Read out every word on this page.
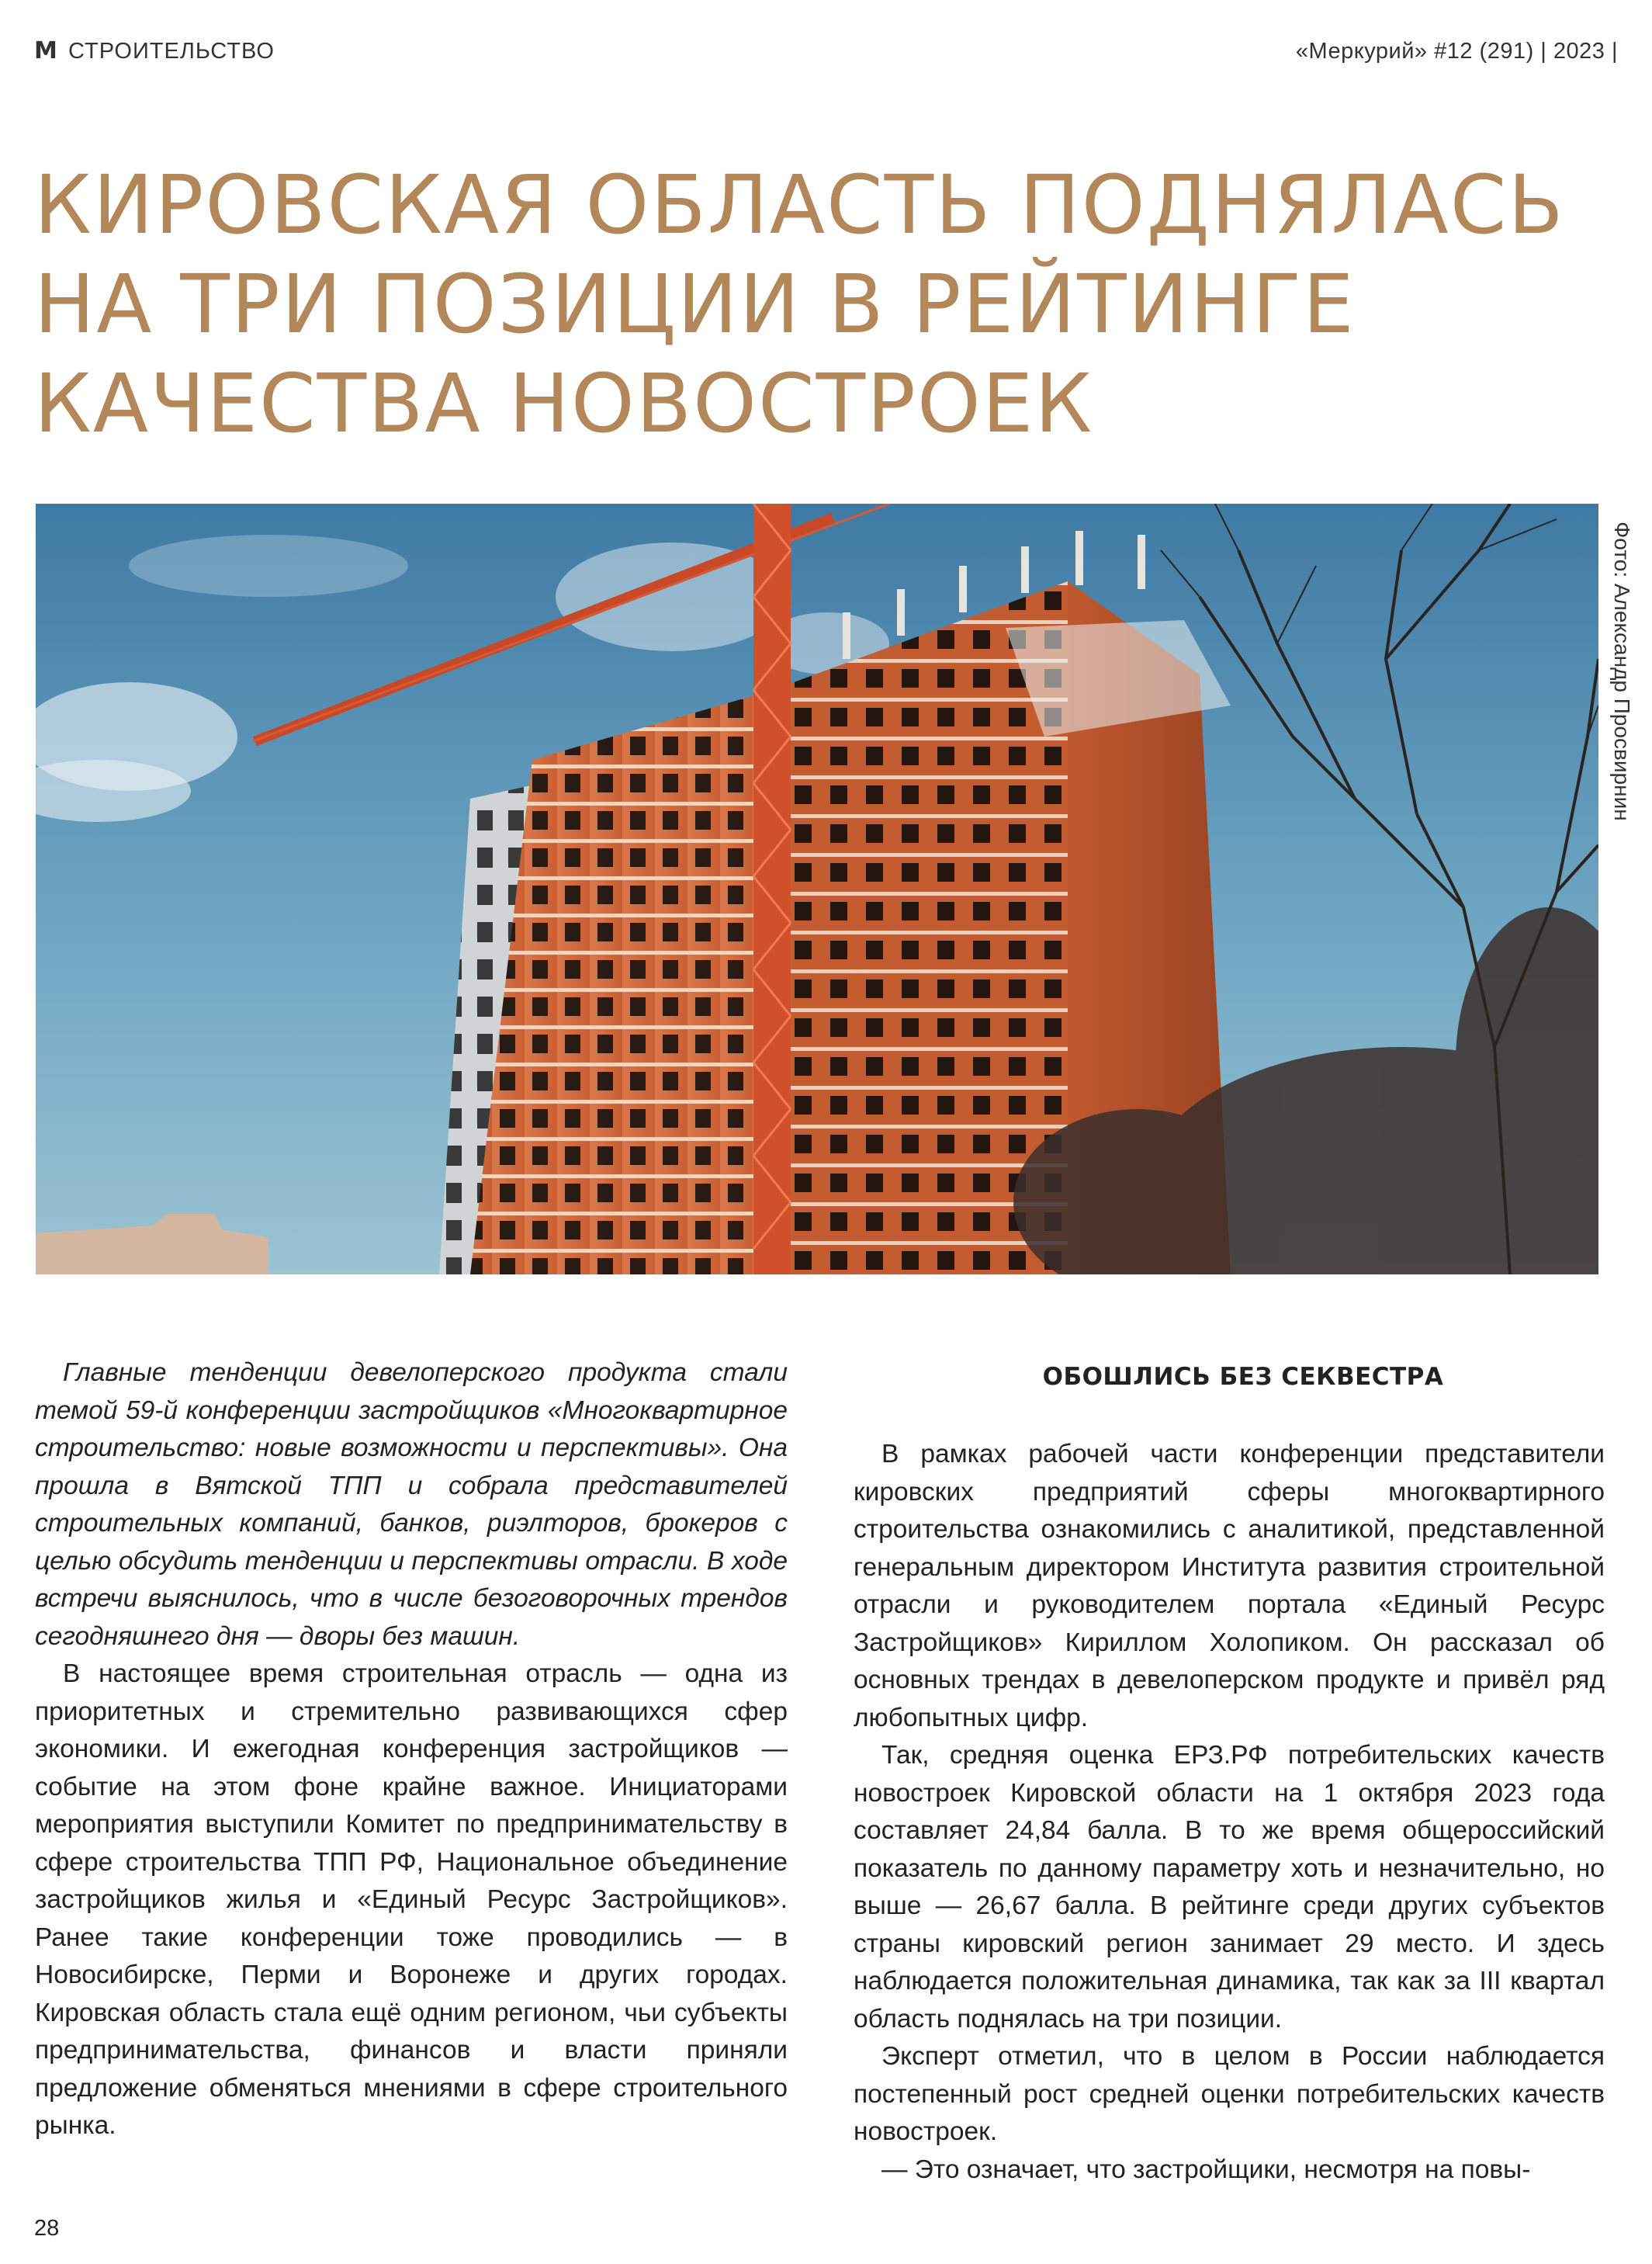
M СТРОИТЕЛЬСТВО	«Меркурий» #12 (291) | 2023 |
КИРОВСКАЯ ОБЛАСТЬ ПОДНЯЛАСЬ
НА ТРИ ПОЗИЦИИ В РЕЙТИНГЕ
КАЧЕСТВА НОВОСТРОЕК
Фото: Александр Просвирнин

Главные тенденции девелоперского продукта стали темой 59-й конференции застройщиков «Многоквартирное строительство: новые возможности и перспективы». Она прошла в Вятской ТПП и собрала представителей строительных компаний, банков, риэлторов, брокеров с целью обсудить тенденции и перспективы отрасли. В ходе встречи выяснилось, что в числе безоговорочных трендов сегодняшнего дня — дворы без машин.

В настоящее время строительная отрасль — одна из приоритетных и стремительно развивающихся сфер экономики. И ежегодная конференция застройщиков — событие на этом фоне крайне важное. Инициаторами мероприятия выступили Комитет по предпринимательству в сфере строительства ТПП РФ, Национальное объединение застройщиков жилья и «Единый Ресурс Застройщиков». Ранее такие конференции тоже проводились — в Новосибирске, Перми и Воронеже и других городах. Кировская область стала ещё одним регионом, чьи субъекты предпринимательства, финансов и власти приняли предложение обменяться мнениями в сфере строительного рынка.

ОБОШЛИСЬ БЕЗ СЕКВЕСТРА

В рамках рабочей части конференции представители кировских предприятий сферы многоквартирного строительства ознакомились с аналитикой, представленной генеральным директором Института развития строительной отрасли и руководителем портала «Единый Ресурс Застройщиков» Кириллом Холопиком. Он рассказал об основных трендах в девелоперском продукте и привёл ряд любопытных цифр.

Так, средняя оценка ЕРЗ.РФ потребительских качеств новостроек Кировской области на 1 октября 2023 года составляет 24,84 балла. В то же время общероссийский показатель по данному параметру хоть и незначительно, но выше — 26,67 балла. В рейтинге среди других субъектов страны кировский регион занимает 29 место. И здесь наблюдается положительная динамика, так как за III квартал область поднялась на три позиции.

Эксперт отметил, что в целом в России наблюдается постепенный рост средней оценки потребительских качеств новостроек.

— Это означает, что застройщики, несмотря на повы-

28
